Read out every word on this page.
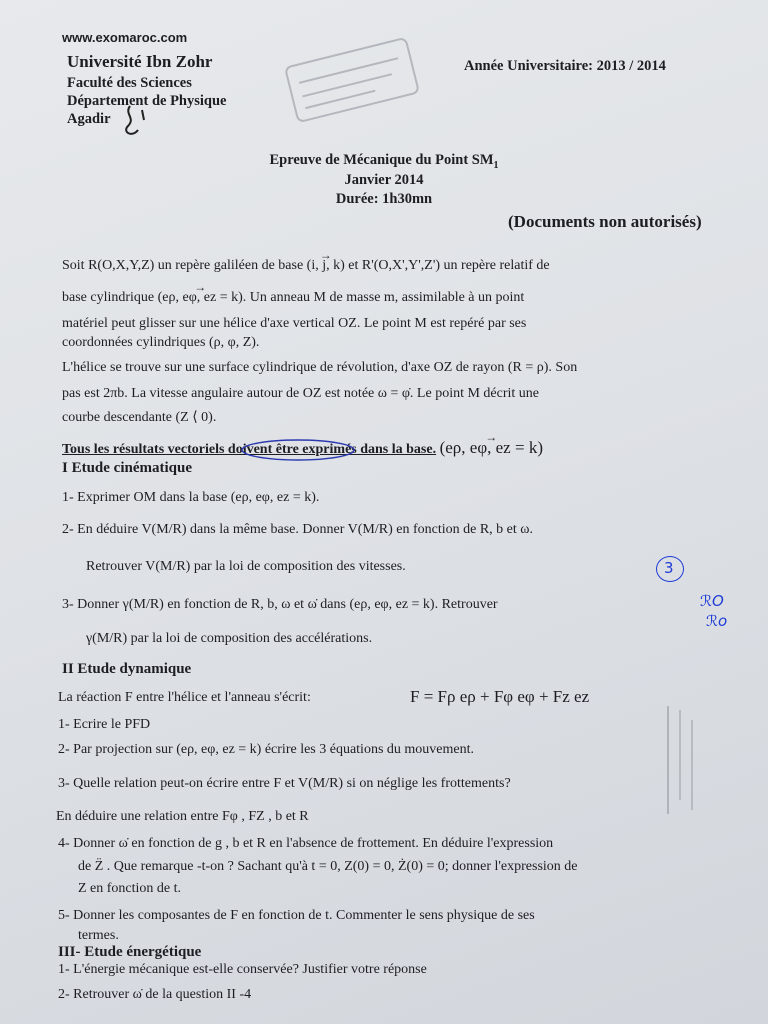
www.exomaroc.com
Université Ibn Zohr
Faculté des Sciences
Département de Physique
Agadir
Année Universitaire: 2013 / 2014
Epreuve de Mécanique du Point $SM_1$
Janvier 2014
Durée: 1h30mn
(Documents non autorisés)
Soit R(O,X,Y,Z) un repère galiléen de base (→ i, j, k) et R'(O,X',Y',Z') un repère relatif de
base cylindrique (→ eρ, eφ, ez = k). Un anneau M de masse m, assimilable à un point
matériel peut glisser sur une hélice d'axe vertical OZ. Le point M est repéré par ses
coordonnées cylindriques (ρ, φ, Z).
L'hélice se trouve sur une surface cylindrique de révolution, d'axe OZ de rayon (R = ρ). Son
pas est 2πb. La vitesse angulaire autour de OZ est notée ω = φ̇. Le point M décrit une
courbe descendante (Z ⟨ 0).
Tous les résultats vectoriels doivent être exprimés dans la base. → (eρ, eφ, ez = k)
I Etude cinématique
1- Exprimer OM dans la base (eρ, eφ, ez = k).
2- En déduire V(M/R) dans la même base. Donner V(M/R) en fonction de R, b et ω.
Retrouver V(M/R) par la loi de composition des vitesses.
3- Donner γ(M/R) en fonction de R, b, ω et ω̇ dans (eρ, eφ, ez = k). Retrouver
γ(M/R) par la loi de composition des accélérations.
3
ℛO
ℛo
II Etude dynamique
La réaction F entre l'hélice et l'anneau s'écrit:	F = Fρ eρ + Fφ eφ + Fz ez
1- Ecrire le PFD
2- Par projection sur (eρ, eφ, ez = k) écrire les 3 équations du mouvement.
3- Quelle relation peut-on écrire entre F et V(M/R) si on néglige les frottements?
En déduire une relation entre Fφ , FZ , b et R
4- Donner ω̇ en fonction de g , b et R en l'absence de frottement. En déduire l'expression
de Z̈ . Que remarque -t-on ? Sachant qu'à t = 0, Z(0) = 0, Ż(0) = 0; donner l'expression de
Z en fonction de t.
5- Donner les composantes de F en fonction de t. Commenter le sens physique de ses
termes.
III- Etude énergétique
1- L'énergie mécanique est-elle conservée? Justifier votre réponse
2- Retrouver ω̇ de la question II -4
